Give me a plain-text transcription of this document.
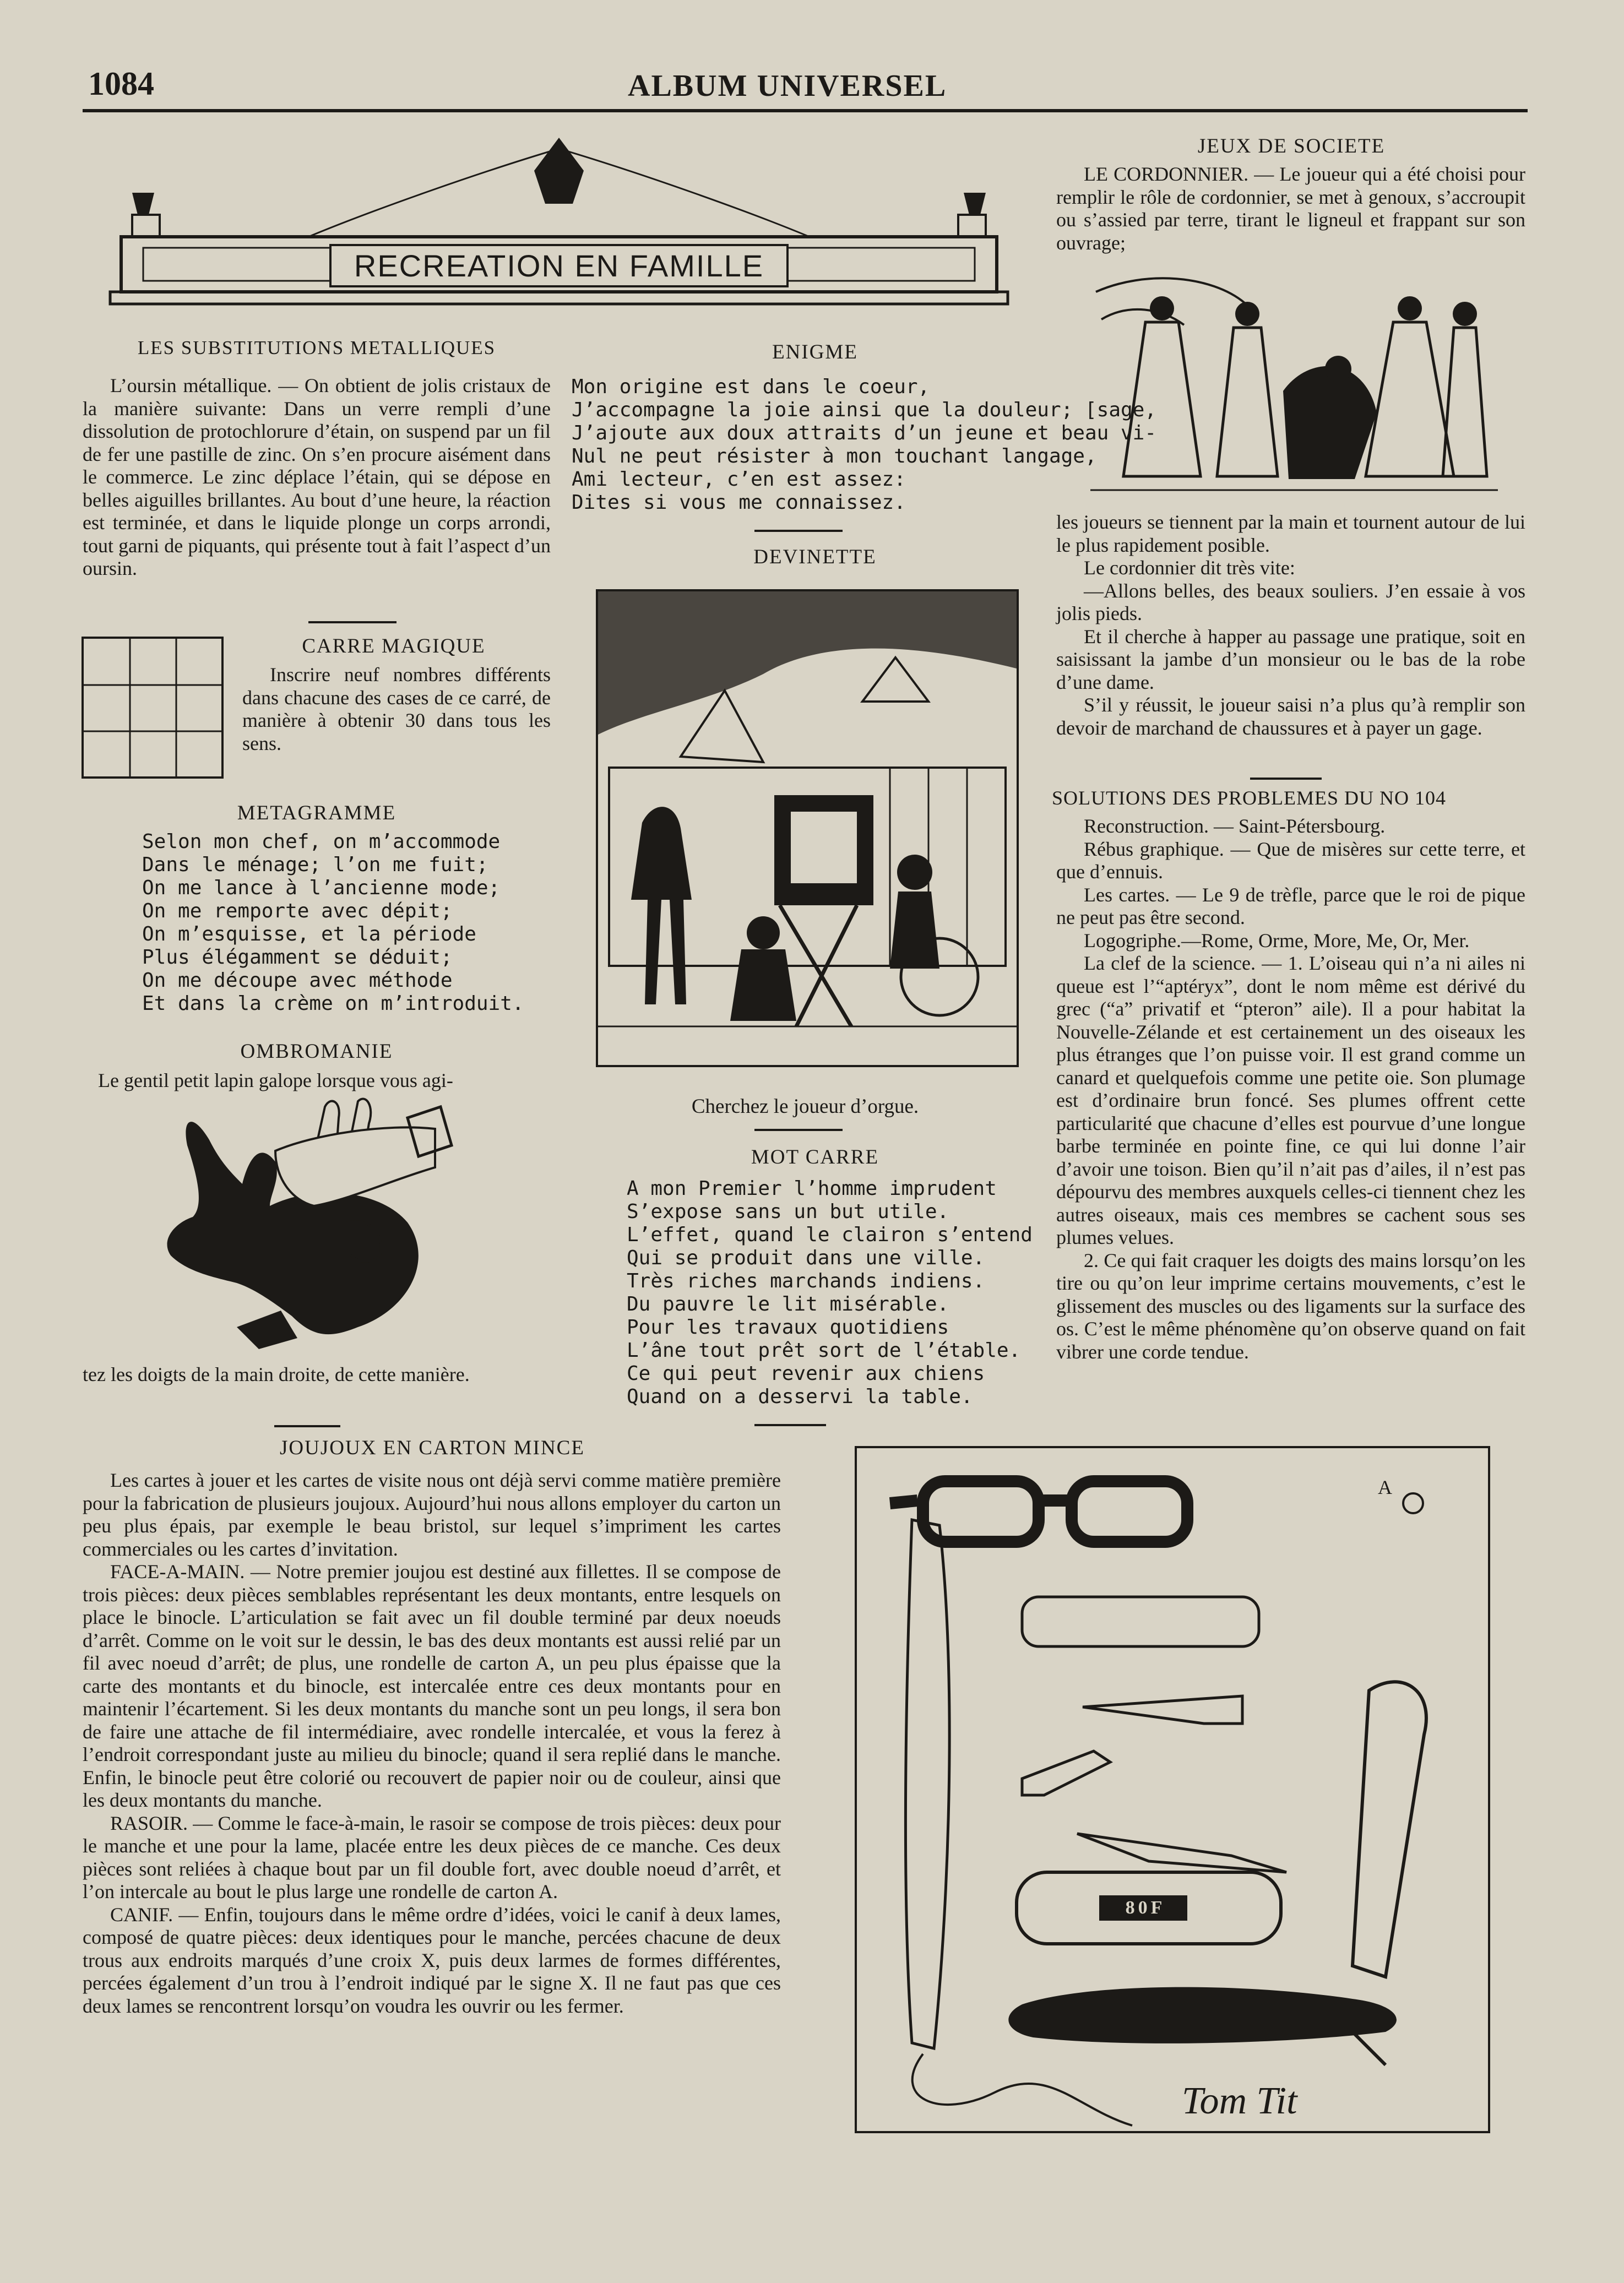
1084	ALBUM UNIVERSEL
RECREATION EN FAMILLE
LES SUBSTITUTIONS METALLIQUES

L’oursin métallique. — On obtient de jolis cristaux de la manière suivante: Dans un verre rempli d’une dissolution de protochlorure d’étain, on suspend par un fil de fer une pastille de zinc. On s’en procure aisément dans le commerce. Le zinc déplace l’étain, qui se dépose en belles aiguilles brillantes. Au bout d’une heure, la réaction est terminée, et dans le liquide plonge un corps arrondi, tout garni de piquants, qui présente tout à fait l’aspect d’un oursin.

CARRE MAGIQUE

Inscrire neuf nombres différents dans chacune des cases de ce carré, de manière à obtenir 30 dans tous les sens.

METAGRAMME
Selon mon chef, on m’accommode
Dans le ménage; l’on me fuit;
On me lance à l’ancienne mode;
On me remporte avec dépit;
On m’esquisse, et la période
Plus élégamment se déduit;
On me découpe avec méthode
Et dans la crème on m’introduit.
OMBROMANIE
Le gentil petit lapin galope lorsque vous agi-
tez les doigts de la main droite, de cette manière.
ENIGME
Mon origine est dans le coeur,
J’accompagne la joie ainsi que la douleur; [sage,
J’ajoute aux doux attraits d’un jeune et beau vi-
Nul ne peut résister à mon touchant langage,
Ami lecteur, c’en est assez:
Dites si vous me connaissez.
DEVINETTE
Cherchez le joueur d’orgue.
MOT CARRE
A mon Premier l’homme imprudent
S’expose sans un but utile.
L’effet, quand le clairon s’entend
Qui se produit dans une ville.
Très riches marchands indiens.
Du pauvre le lit misérable.
Pour les travaux quotidiens
L’âne tout prêt sort de l’étable.
Ce qui peut revenir aux chiens
Quand on a desservi la table.
JEUX DE SOCIETE

LE CORDONNIER. — Le joueur qui a été choisi pour remplir le rôle de cordonnier, se met à genoux, s’accroupit ou s’assied par terre, tirant le ligneul et frappant sur son ouvrage;

les joueurs se tiennent par la main et tournent autour de lui le plus rapidement posible.

Le cordonnier dit très vite:

—Allons belles, des beaux souliers. J’en essaie à vos jolis pieds.

Et il cherche à happer au passage une pratique, soit en saisissant la jambe d’un monsieur ou le bas de la robe d’une dame.

S’il y réussit, le joueur saisi n’a plus qu’à remplir son devoir de marchand de chaussures et à payer un gage.

SOLUTIONS DES PROBLEMES DU NO 104

Reconstruction. — Saint-Pétersbourg.

Rébus graphique. — Que de misères sur cette terre, et que d’ennuis.

Les cartes. — Le 9 de trèfle, parce que le roi de pique ne peut pas être second.

Logogriphe.—Rome, Orme, More, Me, Or, Mer.

La clef de la science. — 1. L’oiseau qui n’a ni ailes ni queue est l’“aptéryx”, dont le nom même est dérivé du grec (“a” privatif et “pteron” aile). Il a pour habitat la Nouvelle-Zélande et est certainement un des oiseaux les plus étranges que l’on puisse voir. Il est grand comme un canard et quelquefois comme une petite oie. Son plumage est d’ordinaire brun foncé. Ses plumes offrent cette particularité que chacune d’elles est pourvue d’une longue barbe terminée en pointe fine, ce qui lui donne l’air d’avoir une toison. Bien qu’il n’ait pas d’ailes, il n’est pas dépourvu des membres auxquels celles-ci tiennent chez les autres oiseaux, mais ces membres se cachent sous ses plumes velues.

2. Ce qui fait craquer les doigts des mains lorsqu’on les tire ou qu’on leur imprime certains mouvements, c’est le glissement des muscles ou des ligaments sur la surface des os. C’est le même phénomène qu’on observe quand on fait vibrer une corde tendue.

JOUJOUX EN CARTON MINCE

Les cartes à jouer et les cartes de visite nous ont déjà servi comme matière première pour la fabrication de plusieurs joujoux. Aujourd’hui nous allons employer du carton un peu plus épais, par exemple le beau bristol, sur lequel s’impriment les cartes commerciales ou les cartes d’invitation.

FACE-A-MAIN. — Notre premier joujou est destiné aux fillettes. Il se compose de trois pièces: deux pièces semblables représentant les deux montants, entre lesquels on place le binocle. L’articulation se fait avec un fil double terminé par deux noeuds d’arrêt. Comme on le voit sur le dessin, le bas des deux montants est aussi relié par un fil avec noeud d’arrêt; de plus, une rondelle de carton A, un peu plus épaisse que la carte des montants et du binocle, est intercalée entre ces deux montants pour en maintenir l’écartement. Si les deux montants du manche sont un peu longs, il sera bon de faire une attache de fil intermédiaire, avec rondelle intercalée, et vous la ferez à l’endroit correspondant juste au milieu du binocle; quand il sera replié dans le manche. Enfin, le binocle peut être colorié ou recouvert de papier noir ou de couleur, ainsi que les deux montants du manche.

RASOIR. — Comme le face-à-main, le rasoir se compose de trois pièces: deux pour le manche et une pour la lame, placée entre les deux pièces de ce manche. Ces deux pièces sont reliées à chaque bout par un fil double fort, avec double noeud d’arrêt, et l’on intercale au bout le plus large une rondelle de carton A.

CANIF. — Enfin, toujours dans le même ordre d’idées, voici le canif à deux lames, composé de quatre pièces: deux identiques pour le manche, percées chacune de deux trous aux endroits marqués d’une croix X, puis deux larmes de formes différentes, percées également d’un trou à l’endroit indiqué par le signe X. Il ne faut pas que ces deux lames se rencontrent lorsqu’on voudra les ouvrir ou les fermer.

A
80F
Tom Tit
